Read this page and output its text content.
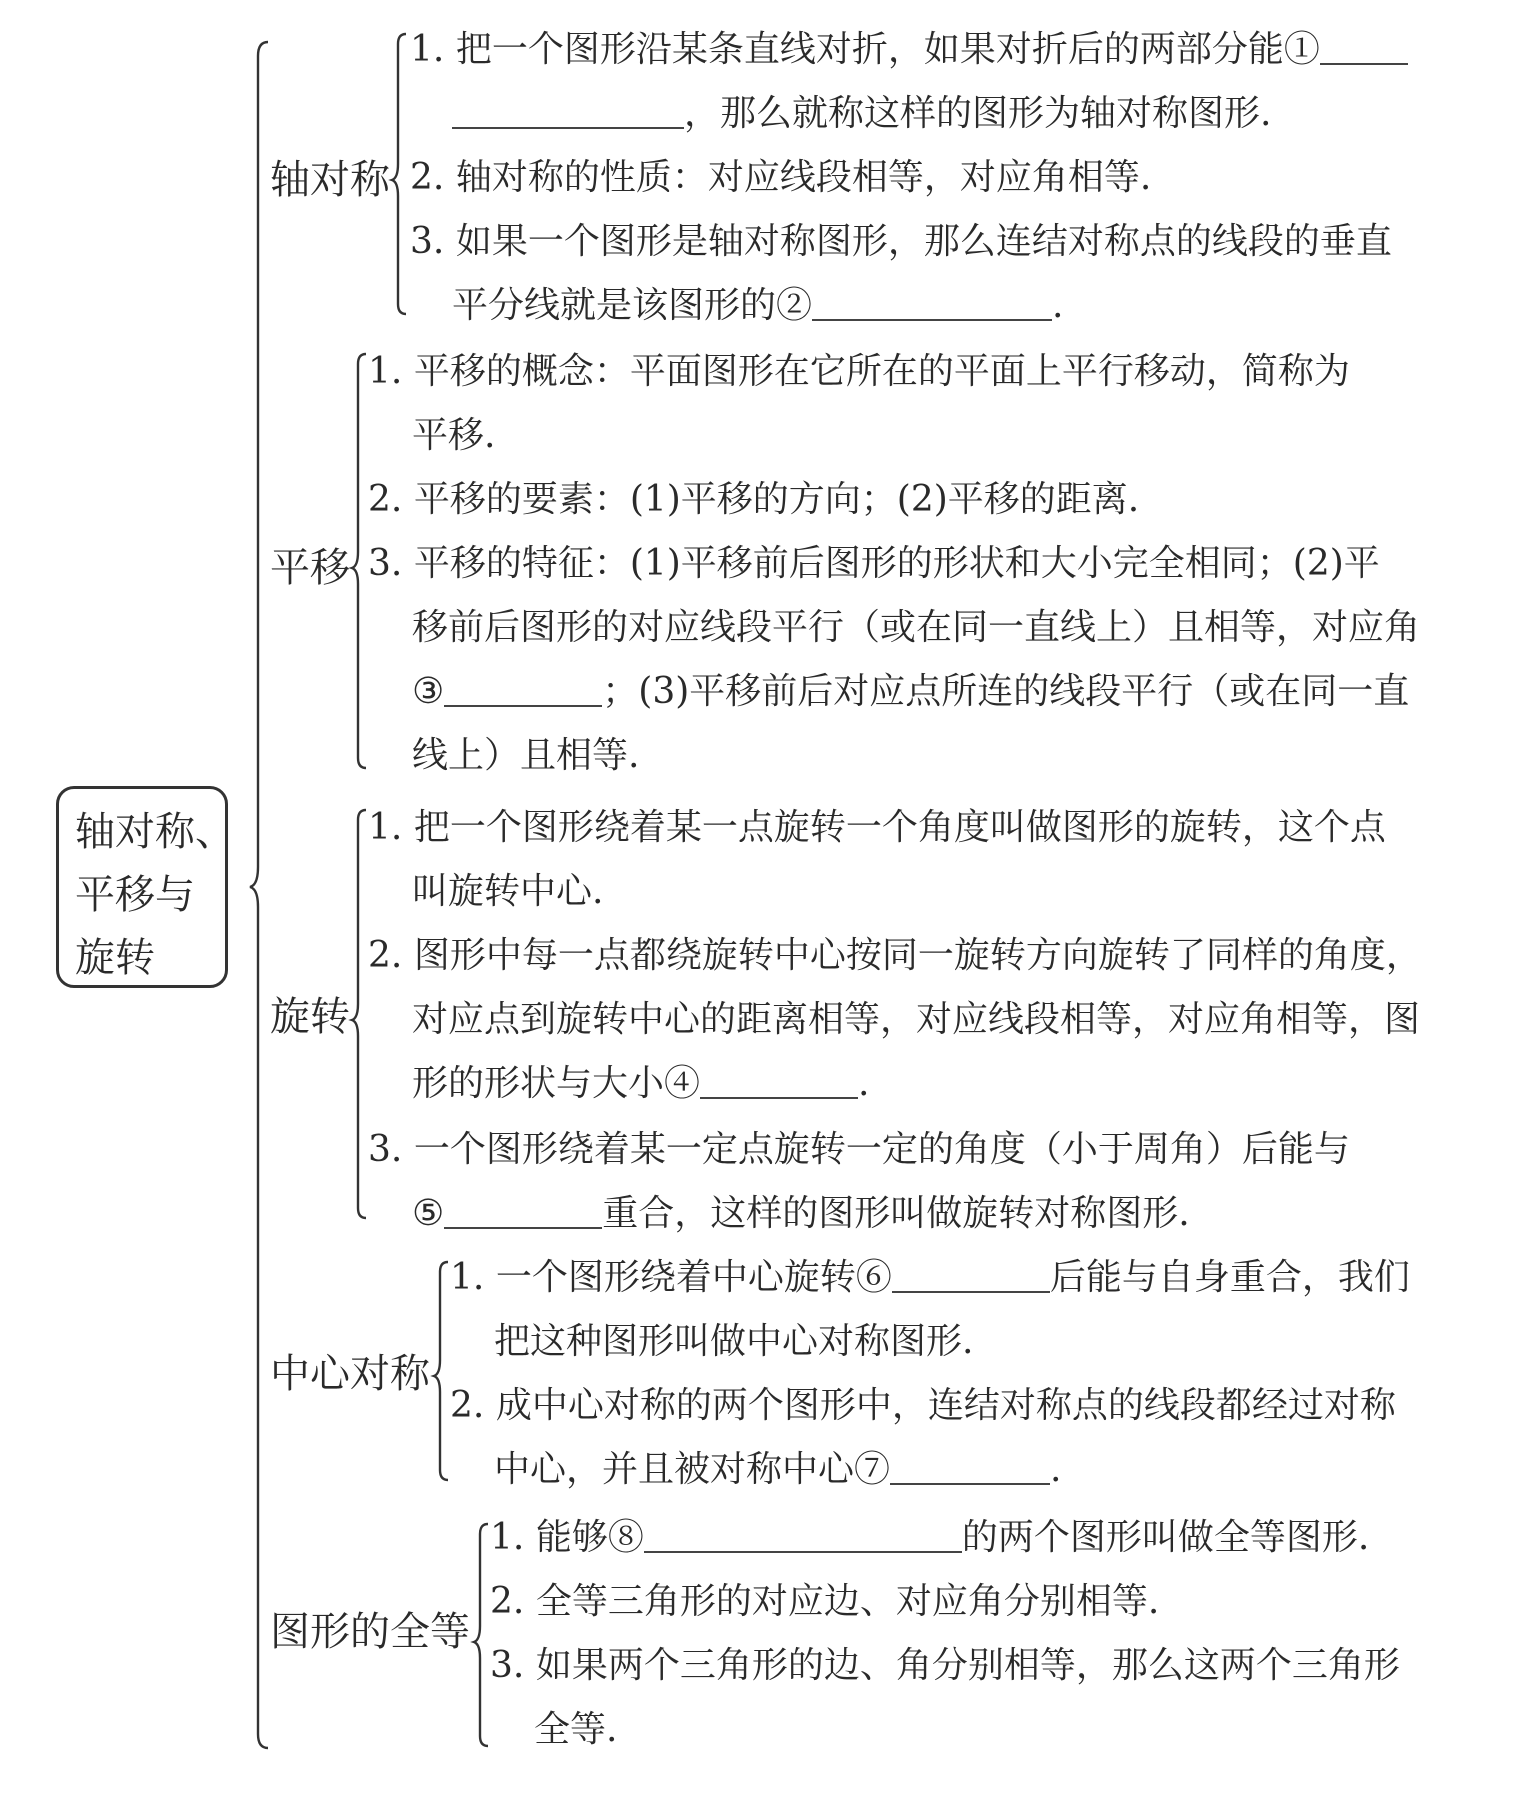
轴对称、
平移与
旋转
轴对称
平移
旋转
中心对称
图形的全等
1. 把一个图形沿某条直线对折，如果对折后的两部分能①
，那么就称这样的图形为轴对称图形.
2. 轴对称的性质：对应线段相等，对应角相等.
3. 如果一个图形是轴对称图形，那么连结对称点的线段的垂直
平分线就是该图形的②	.
1. 平移的概念：平面图形在它所在的平面上平行移动，简称为
平移.
2. 平移的要素：(1)平移的方向；(2)平移的距离.
3. 平移的特征：(1)平移前后图形的形状和大小完全相同；(2)平
移前后图形的对应线段平行（或在同一直线上）且相等，对应角
③	；(3)平移前后对应点所连的线段平行（或在同一直
线上）且相等.
1. 把一个图形绕着某一点旋转一个角度叫做图形的旋转，这个点
叫旋转中心.
2. 图形中每一点都绕旋转中心按同一旋转方向旋转了同样的角度，
对应点到旋转中心的距离相等，对应线段相等，对应角相等，图
形的形状与大小④	.
3. 一个图形绕着某一定点旋转一定的角度（小于周角）后能与
⑤	重合，这样的图形叫做旋转对称图形.
1. 一个图形绕着中心旋转⑥	后能与自身重合，我们
把这种图形叫做中心对称图形.
2. 成中心对称的两个图形中，连结对称点的线段都经过对称
中心，并且被对称中心⑦	.
1. 能够⑧	的两个图形叫做全等图形.
2. 全等三角形的对应边、对应角分别相等.
3. 如果两个三角形的边、角分别相等，那么这两个三角形
全等.
